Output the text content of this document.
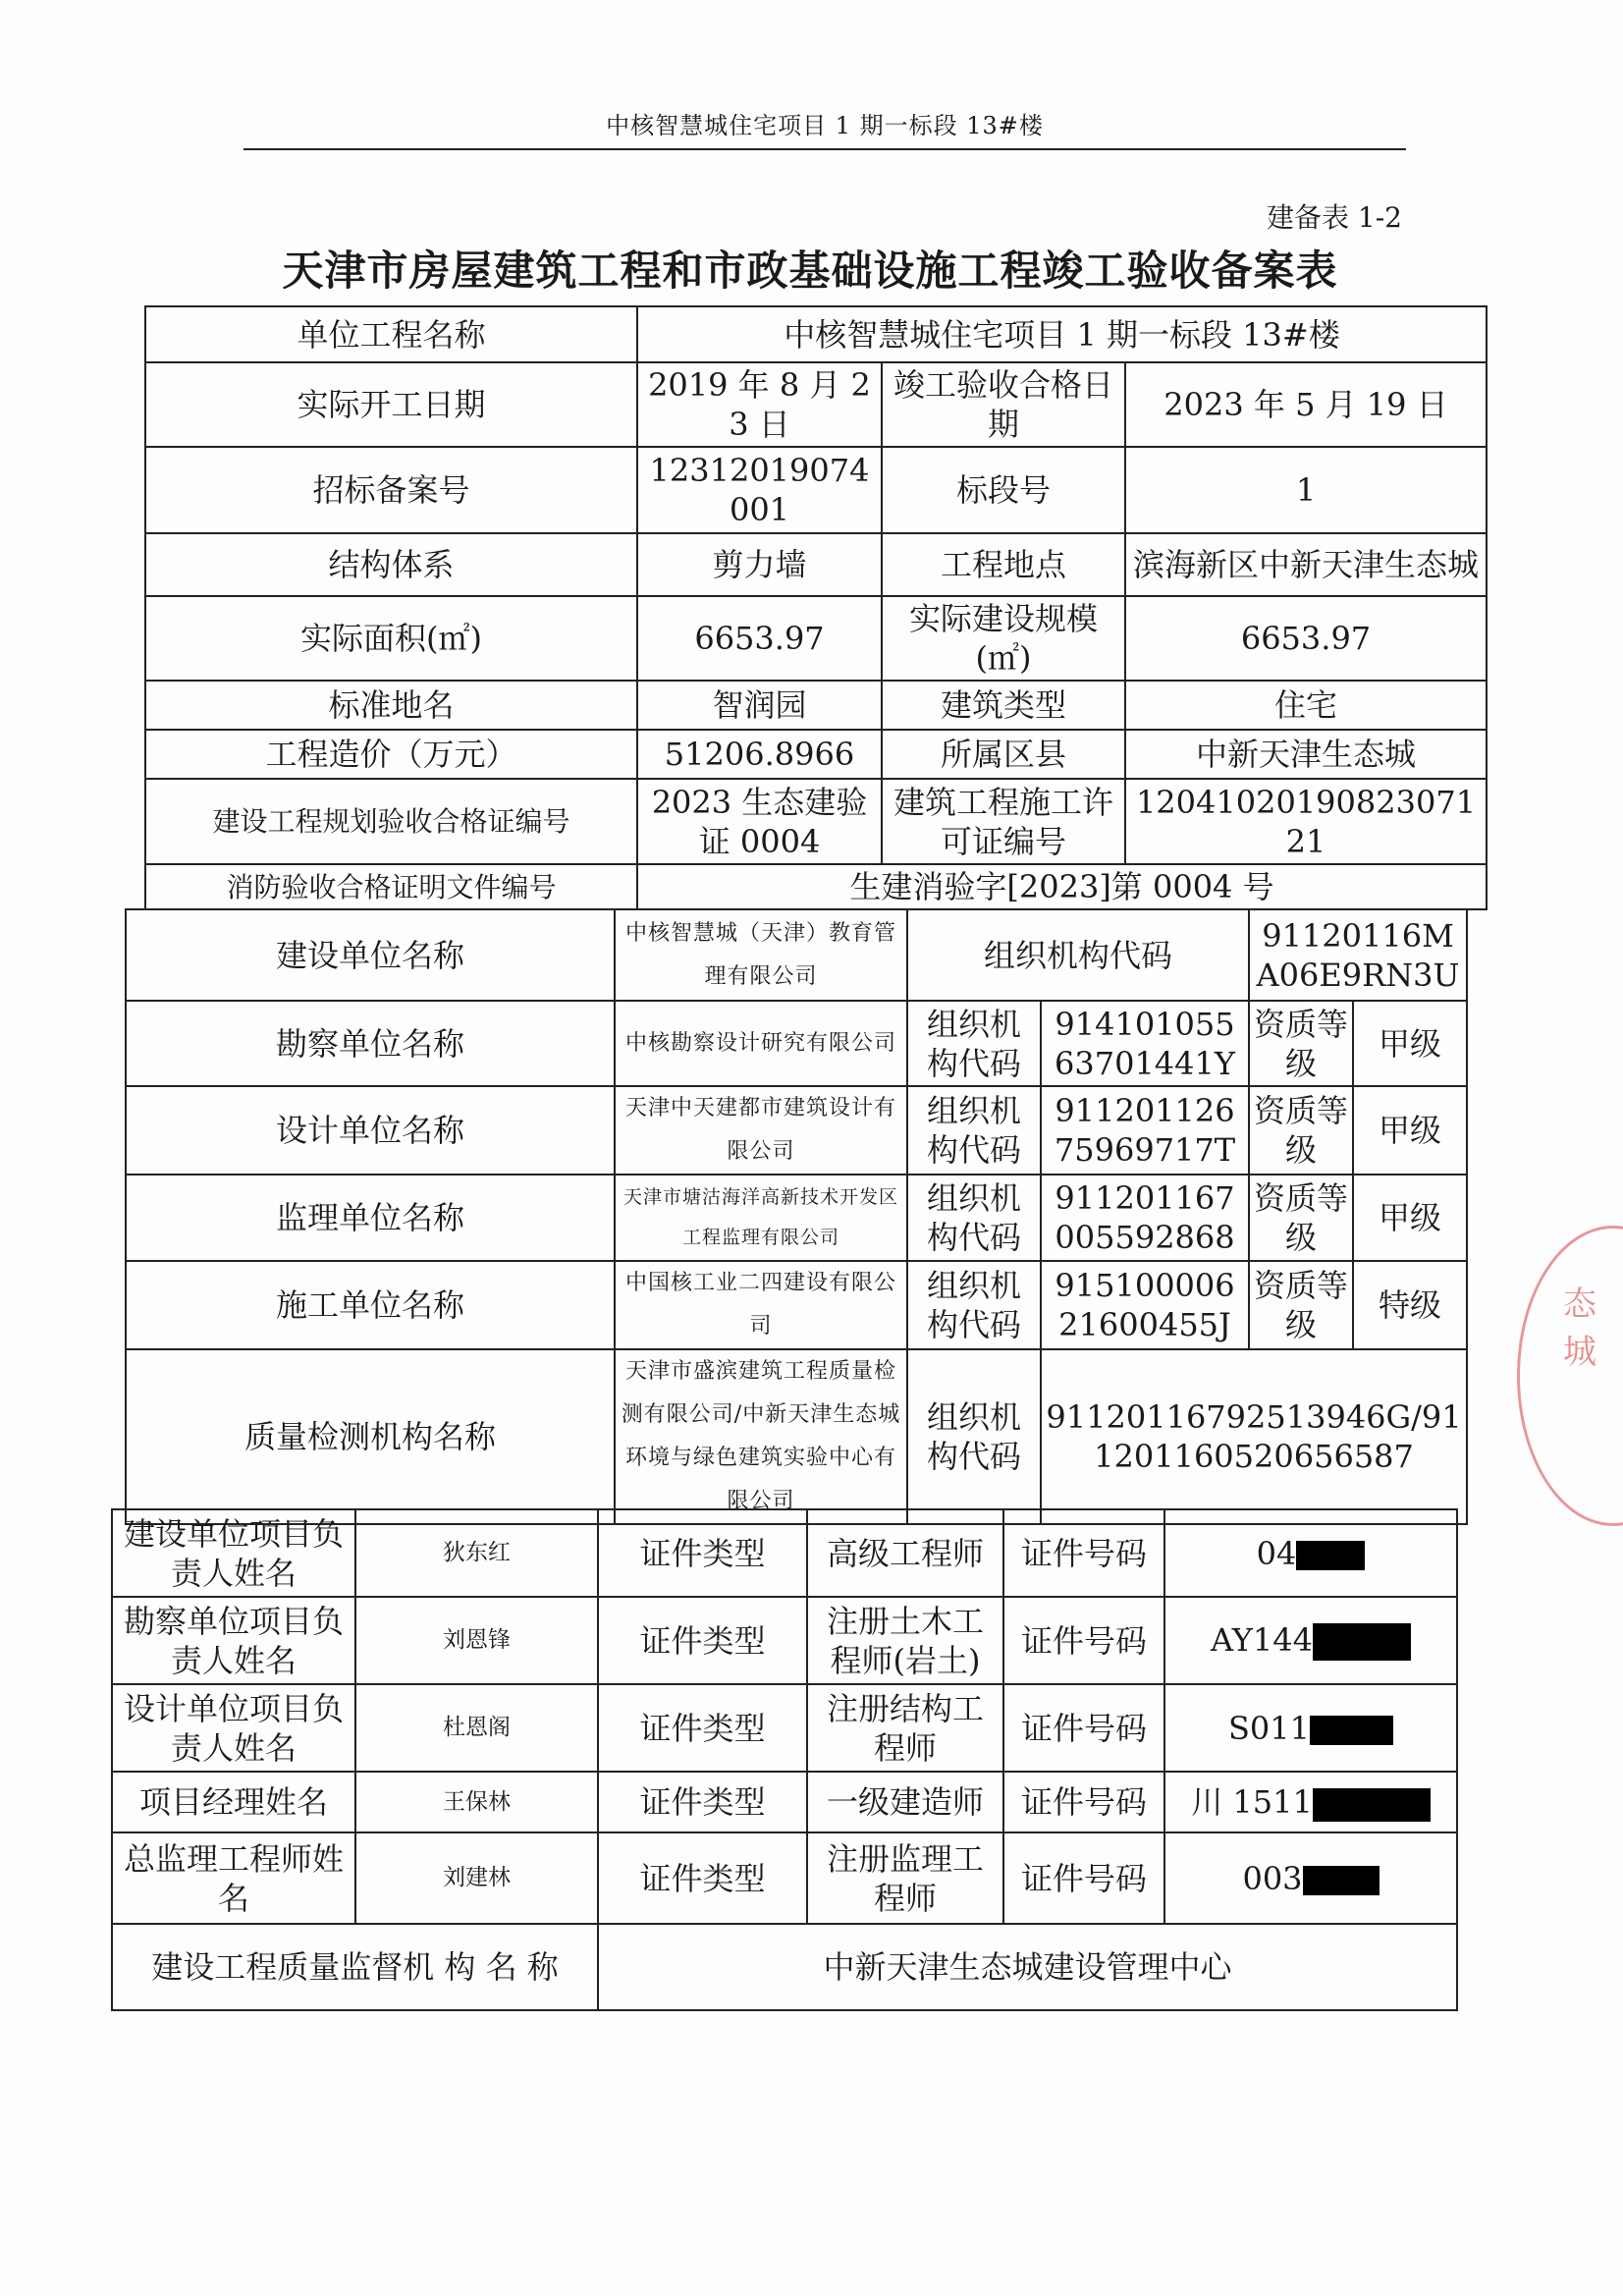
中核智慧城住宅项目 1 期一标段 13#楼
建备表 1-2
天津市房屋建筑工程和市政基础设施工程竣工验收备案表
单位工程名称	中核智慧城住宅项目 1 期一标段 13#楼		
实际开工日期	2019 年 8 月 23 日	竣工验收合格日期	2023 年 5 月 19 日
招标备案号	12312019074001	标段号	1
结构体系	剪力墙	工程地点	滨海新区中新天津生态城
实际面积(㎡)	6653.97	实际建设规模(㎡)	6653.97
标准地名	智润园	建筑类型	住宅
工程造价（万元）	51206.8966	所属区县	中新天津生态城
建设工程规划验收合格证编号	2023 生态建验证 0004	建筑工程施工许可证编号	1204102019082307121
消防验收合格证明文件编号	生建消验字[2023]第 0004 号		
建设单位名称	中核智慧城（天津）教育管理有限公司	组织机构代码		91120116MA06E9RN3U	
勘察单位名称	中核勘察设计研究有限公司	组织机构代码	91410105563701441Y	资质等级	甲级
设计单位名称	天津中天建都市建筑设计有限公司	组织机构代码	91120112675969717T	资质等级	甲级
监理单位名称	天津市塘沽海洋高新技术开发区工程监理有限公司	组织机构代码	911201167005592868	资质等级	甲级
施工单位名称	中国核工业二四建设有限公司	组织机构代码	91510000621600455J	资质等级	特级
质量检测机构名称	天津市盛滨建筑工程质量检测有限公司/中新天津生态城环境与绿色建筑实验中心有限公司	组织机构代码	91120116792513946G/911201160520656587		
建设单位项目负责人姓名	狄东红	证件类型	高级工程师	证件号码	04
勘察单位项目负责人姓名	刘恩锋	证件类型	注册土木工程师(岩土)	证件号码	AY144
设计单位项目负责人姓名	杜恩阁	证件类型	注册结构工程师	证件号码	S011
项目经理姓名	王保林	证件类型	一级建造师	证件号码	川 1511
总监理工程师姓名	刘建林	证件类型	注册监理工程师	证件号码	003
建设工程质量监督机 构 名 称		中新天津生态城建设管理中心			
态城
